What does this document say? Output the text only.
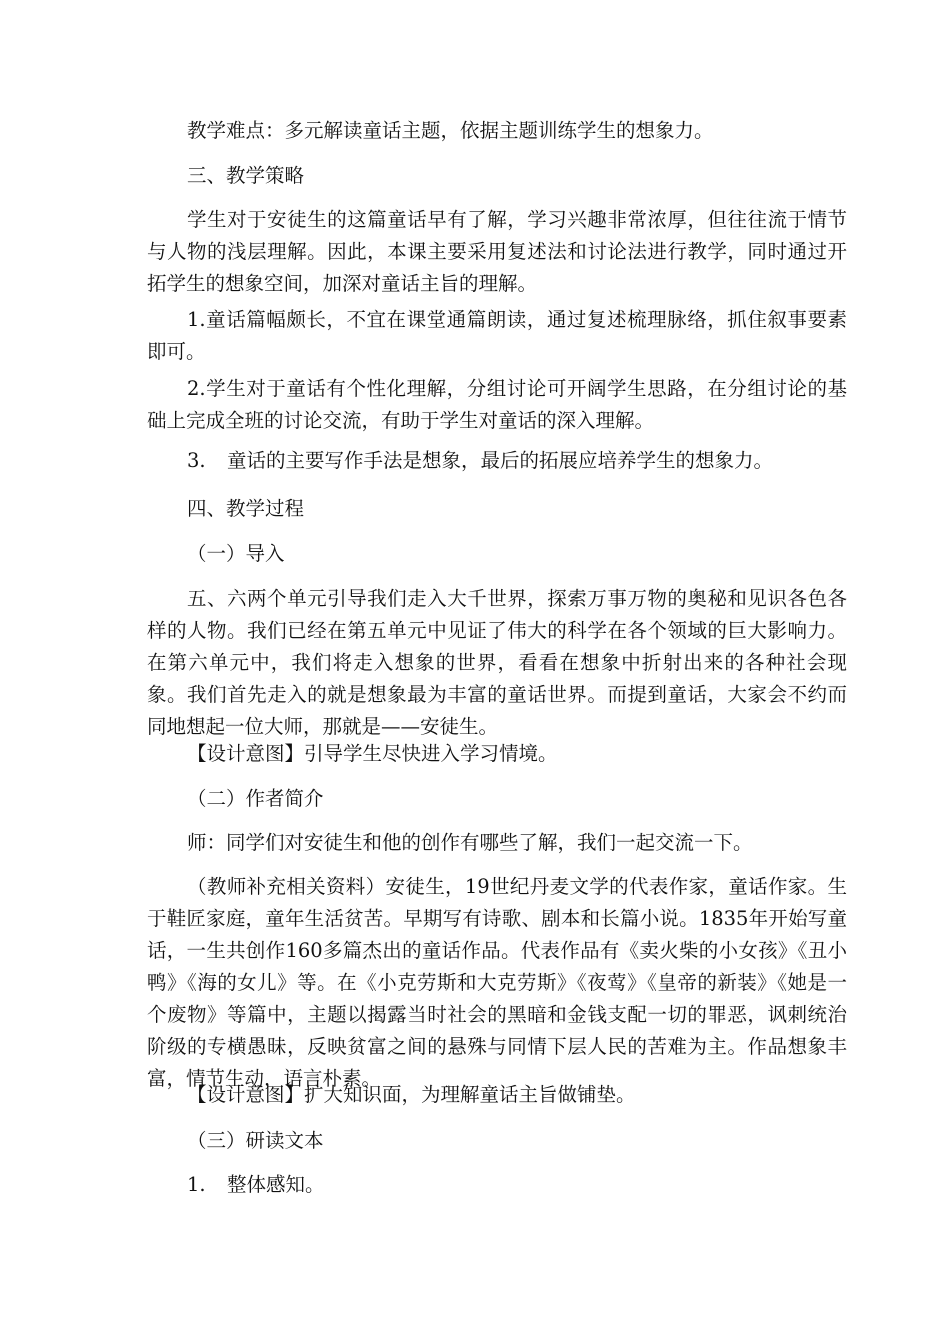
教学难点：多元解读童话主题，依据主题训练学生的想象力。

三、教学策略

学生对于安徒生的这篇童话早有了解，学习兴趣非常浓厚，但往往流于情节与人物的浅层理解。因此，本课主要采用复述法和讨论法进行教学，同时通过开拓学生的想象空间，加深对童话主旨的理解。

1.童话篇幅颇长，不宜在课堂通篇朗读，通过复述梳理脉络，抓住叙事要素即可。

2.学生对于童话有个性化理解，分组讨论可开阔学生思路，在分组讨论的基础上完成全班的讨论交流，有助于学生对童话的深入理解。

3. 童话的主要写作手法是想象，最后的拓展应培养学生的想象力。

四、教学过程

（一）导入

五、六两个单元引导我们走入大千世界，探索万事万物的奥秘和见识各色各样的人物。我们已经在第五单元中见证了伟大的科学在各个领域的巨大影响力。在第六单元中，我们将走入想象的世界，看看在想象中折射出来的各种社会现象。我们首先走入的就是想象最为丰富的童话世界。而提到童话，大家会不约而同地想起一位大师，那就是——安徒生。

【设计意图】引导学生尽快进入学习情境。

（二）作者简介

师：同学们对安徒生和他的创作有哪些了解，我们一起交流一下。

（教师补充相关资料）安徒生，19世纪丹麦文学的代表作家，童话作家。生于鞋匠家庭，童年生活贫苦。早期写有诗歌、剧本和长篇小说。1835年开始写童话，一生共创作160多篇杰出的童话作品。代表作品有《卖火柴的小女孩》《丑小鸭》《海的女儿》等。在《小克劳斯和大克劳斯》《夜莺》《皇帝的新装》《她是一个废物》等篇中，主题以揭露当时社会的黑暗和金钱支配一切的罪恶，讽刺统治阶级的专横愚昧，反映贫富之间的悬殊与同情下层人民的苦难为主。作品想象丰富，情节生动，语言朴素。

【设计意图】扩大知识面，为理解童话主旨做铺垫。

（三）研读文本

1. 整体感知。
